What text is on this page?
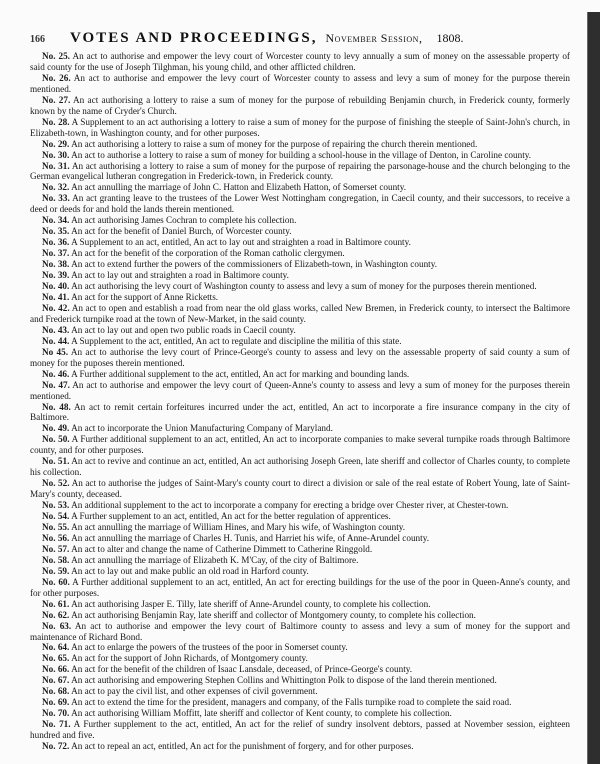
166	VOTES AND PROCEEDINGS, November Session, 1808.

No. 25. An act to authorise and empower the levy court of Worcester county to levy annually a sum of money on the assessable property of said county for the use of Joseph Tilghman, his young child, and other afflicted children.

No. 26. An act to authorise and empower the levy court of Worcester county to assess and levy a sum of money for the purpose therein mentioned.

No. 27. An act authorising a lottery to raise a sum of money for the purpose of rebuilding Benjamin church, in Frederick county, formerly known by the name of Cryder's Church.

No. 28. A Supplement to an act authorising a lottery to raise a sum of money for the purpose of finishing the steeple of Saint-John's church, in Elizabeth-town, in Washington county, and for other purposes.

No. 29. An act authorising a lottery to raise a sum of money for the purpose of repairing the church therein mentioned.

No. 30. An act to authorise a lottery to raise a sum of money for building a school-house in the village of Denton, in Caroline county.

No. 31. An act authorising a lottery to raise a sum of money for the purpose of repairing the parsonage-house and the church belonging to the German evangelical lutheran congregation in Frederick-town, in Frederick county.

No. 32. An act annulling the marriage of John C. Hatton and Elizabeth Hatton, of Somerset county.

No. 33. An act granting leave to the trustees of the Lower West Nottingham congregation, in Caecil county, and their successors, to receive a deed or deeds for and hold the lands therein mentioned.

No. 34. An act authorising James Cochran to complete his collection.

No. 35. An act for the benefit of Daniel Burch, of Worcester county.

No. 36. A Supplement to an act, entitled, An act to lay out and straighten a road in Baltimore county.

No. 37. An act for the benefit of the corporation of the Roman catholic clergymen.

No. 38. An act to extend further the powers of the commissioners of Elizabeth-town, in Washington county.

No. 39. An act to lay out and straighten a road in Baltimore county.

No. 40. An act authorising the levy court of Washington county to assess and levy a sum of money for the purposes therein mentioned.

No. 41. An act for the support of Anne Ricketts.

No. 42. An act to open and establish a road from near the old glass works, called New Bremen, in Frederick county, to intersect the Baltimore and Frederick turnpike road at the town of New-Market, in the said county.

No. 43. An act to lay out and open two public roads in Caecil county.

No. 44. A Supplement to the act, entitled, An act to regulate and discipline the militia of this state.

No 45. An act to authorise the levy court of Prince-George's county to assess and levy on the assessable property of said county a sum of money for the puposes therein mentioned.

No. 46. A Further additional supplement to the act, entitled, An act for marking and bounding lands.

No. 47. An act to authorise and empower the levy court of Queen-Anne's county to assess and levy a sum of money for the purposes therein mentioned.

No. 48. An act to remit certain forfeitures incurred under the act, entitled, An act to incorporate a fire insurance company in the city of Baltimore.

No. 49. An act to incorporate the Union Manufacturing Company of Maryland.

No. 50. A Further additional supplement to an act, entitled, An act to incorporate companies to make several turnpike roads through Baltimore county, and for other purposes.

No. 51. An act to revive and continue an act, entitled, An act authorising Joseph Green, late sheriff and collector of Charles county, to complete his collection.

No. 52. An act to authorise the judges of Saint-Mary's county court to direct a division or sale of the real estate of Robert Young, late of Saint-Mary's county, deceased.

No. 53. An additional supplement to the act to incorporate a company for erecting a bridge over Chester river, at Chester-town.

No. 54. A Further supplement to an act, entitled, An act for the better regulation of apprentices.

No. 55. An act annulling the marriage of William Hines, and Mary his wife, of Washington county.

No. 56. An act annulling the marriage of Charles H. Tunis, and Harriet his wife, of Anne-Arundel county.

No. 57. An act to alter and change the name of Catherine Dimmett to Catherine Ringgold.

No. 58. An act annulling the marriage of Elizabeth K. M'Cay, of the city of Baltimore.

No. 59. An act to lay out and make public an old road in Harford county.

No. 60. A Further additional supplement to an act, entitled, An act for erecting buildings for the use of the poor in Queen-Anne's county, and for other purposes.

No. 61. An act authorising Jasper E. Tilly, late sheriff of Anne-Arundel county, to complete his collection.

No. 62. An act authorising Benjamin Ray, late sheriff and collector of Montgomery county, to complete his collection.

No. 63. An act to authorise and empower the levy court of Baltimore county to assess and levy a sum of money for the support and maintenance of Richard Bond.

No. 64. An act to enlarge the powers of the trustees of the poor in Somerset county.

No. 65. An act for the support of John Richards, of Montgomery county.

No. 66. An act for the benefit of the children of Isaac Lansdale, deceased, of Prince-George's county.

No. 67. An act authorising and empowering Stephen Collins and Whittington Polk to dispose of the land therein mentioned.

No. 68. An act to pay the civil list, and other expenses of civil government.

No. 69. An act to extend the time for the president, managers and company, of the Falls turnpike road to complete the said road.

No. 70. An act authorising William Moffitt, late sheriff and collector of Kent county, to complete his collection.

No. 71. A Further supplement to the act, entitled, An act for the relief of sundry insolvent debtors, passed at November session, eighteen hundred and five.

No. 72. An act to repeal an act, entitled, An act for the punishment of forgery, and for other purposes.
